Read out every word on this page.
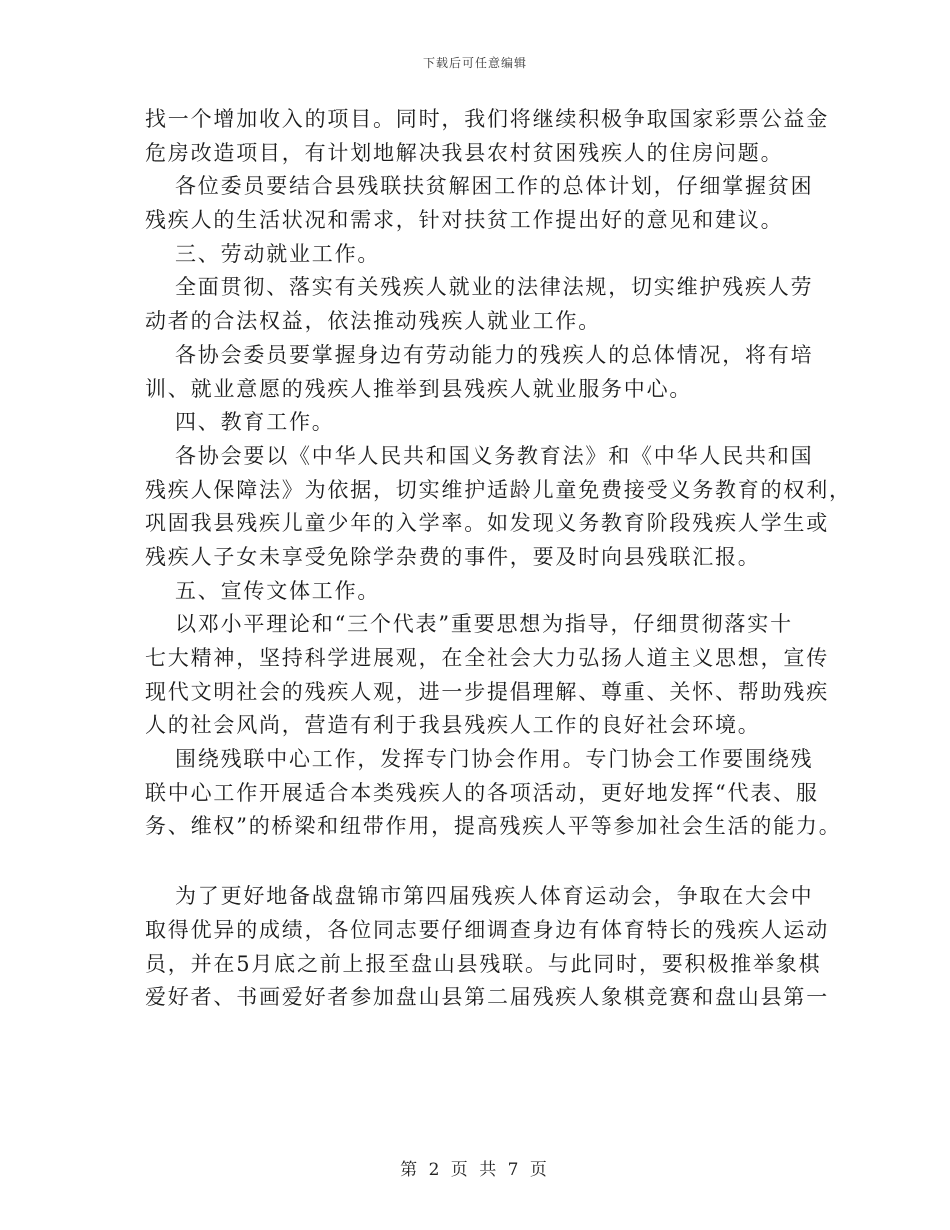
下载后可任意编辑
找一个增加收入的项目。同时，我们将继续积极争取国家彩票公益金
危房改造项目，有计划地解决我县农村贫困残疾人的住房问题。
各位委员要结合县残联扶贫解困工作的总体计划，仔细掌握贫困
残疾人的生活状况和需求，针对扶贫工作提出好的意见和建议。
三、劳动就业工作。
全面贯彻、落实有关残疾人就业的法律法规，切实维护残疾人劳
动者的合法权益，依法推动残疾人就业工作。
各协会委员要掌握身边有劳动能力的残疾人的总体情况，将有培
训、就业意愿的残疾人推举到县残疾人就业服务中心。
四、教育工作。
各协会要以《中华人民共和国义务教育法》和《中华人民共和国
残疾人保障法》为依据，切实维护适龄儿童免费接受义务教育的权利，
巩固我县残疾儿童少年的入学率。如发现义务教育阶段残疾人学生或
残疾人子女未享受免除学杂费的事件，要及时向县残联汇报。
五、宣传文体工作。
以邓小平理论和“三个代表”重要思想为指导，仔细贯彻落实十
七大精神，坚持科学进展观，在全社会大力弘扬人道主义思想，宣传
现代文明社会的残疾人观，进一步提倡理解、尊重、关怀、帮助残疾
人的社会风尚，营造有利于我县残疾人工作的良好社会环境。
围绕残联中心工作，发挥专门协会作用。专门协会工作要围绕残
联中心工作开展适合本类残疾人的各项活动，更好地发挥“代表、服
务、维权”的桥梁和纽带作用，提高残疾人平等参加社会生活的能力。
为了更好地备战盘锦市第四届残疾人体育运动会，争取在大会中
取得优异的成绩，各位同志要仔细调查身边有体育特长的残疾人运动
员，并在5月底之前上报至盘山县残联。与此同时，要积极推举象棋
爱好者、书画爱好者参加盘山县第二届残疾人象棋竞赛和盘山县第一
第 2 页 共 7 页
